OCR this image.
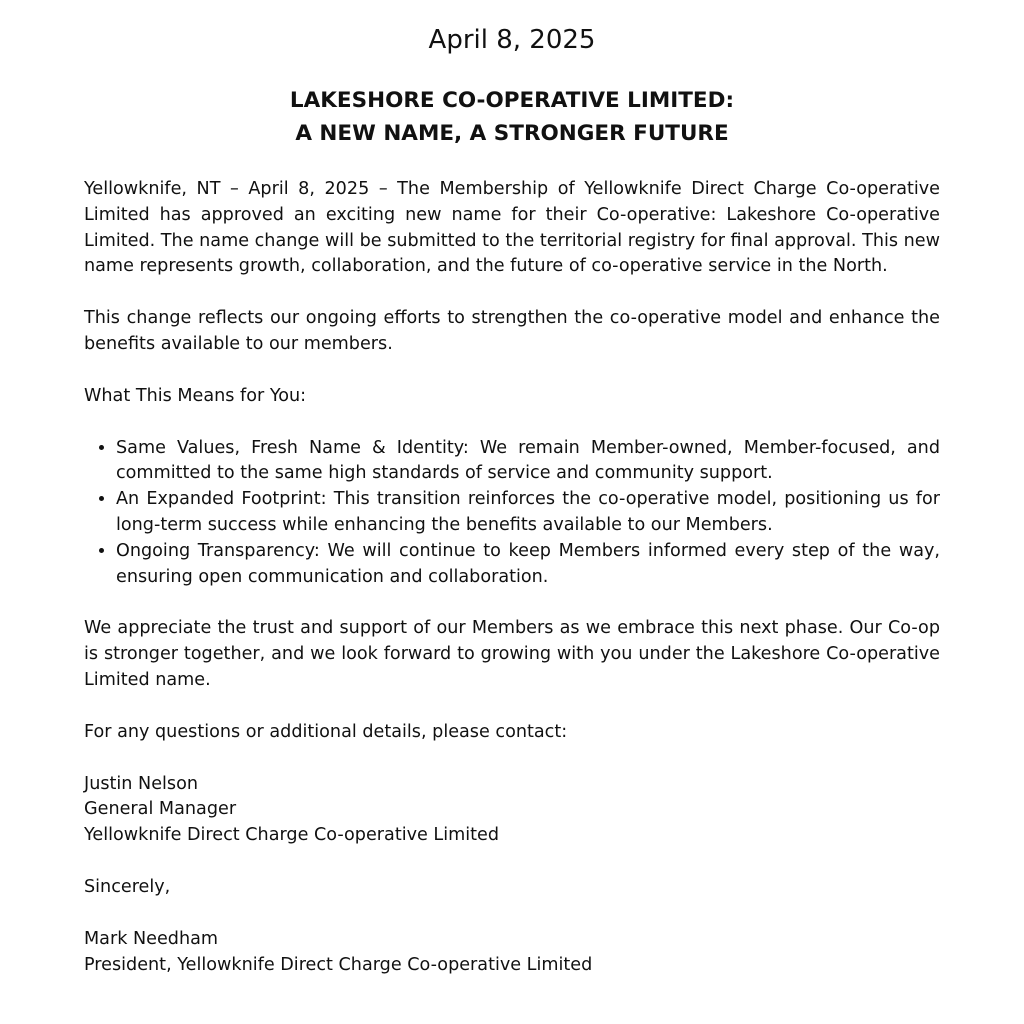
April 8, 2025

LAKESHORE CO-OPERATIVE LIMITED:
A NEW NAME, A STRONGER FUTURE

Yellowknife, NT – April 8, 2025 – The Membership of Yellowknife Direct Charge Co-operative Limited has approved an exciting new name for their Co-operative: Lakeshore Co-operative Limited. The name change will be submitted to the territorial registry for final approval. This new name represents growth, collaboration, and the future of co-operative service in the North.

This change reflects our ongoing efforts to strengthen the co-operative model and enhance the benefits available to our members.

What This Means for You:

• Same Values, Fresh Name & Identity: We remain Member-owned, Member-focused, and committed to the same high standards of service and community support.
• An Expanded Footprint: This transition reinforces the co-operative model, positioning us for long-term success while enhancing the benefits available to our Members.
• Ongoing Transparency: We will continue to keep Members informed every step of the way, ensuring open communication and collaboration.

We appreciate the trust and support of our Members as we embrace this next phase. Our Co-op is stronger together, and we look forward to growing with you under the Lakeshore Co-operative Limited name.

For any questions or additional details, please contact:

Justin Nelson

General Manager

Yellowknife Direct Charge Co-operative Limited

Sincerely,

Mark Needham

President, Yellowknife Direct Charge Co-operative Limited
